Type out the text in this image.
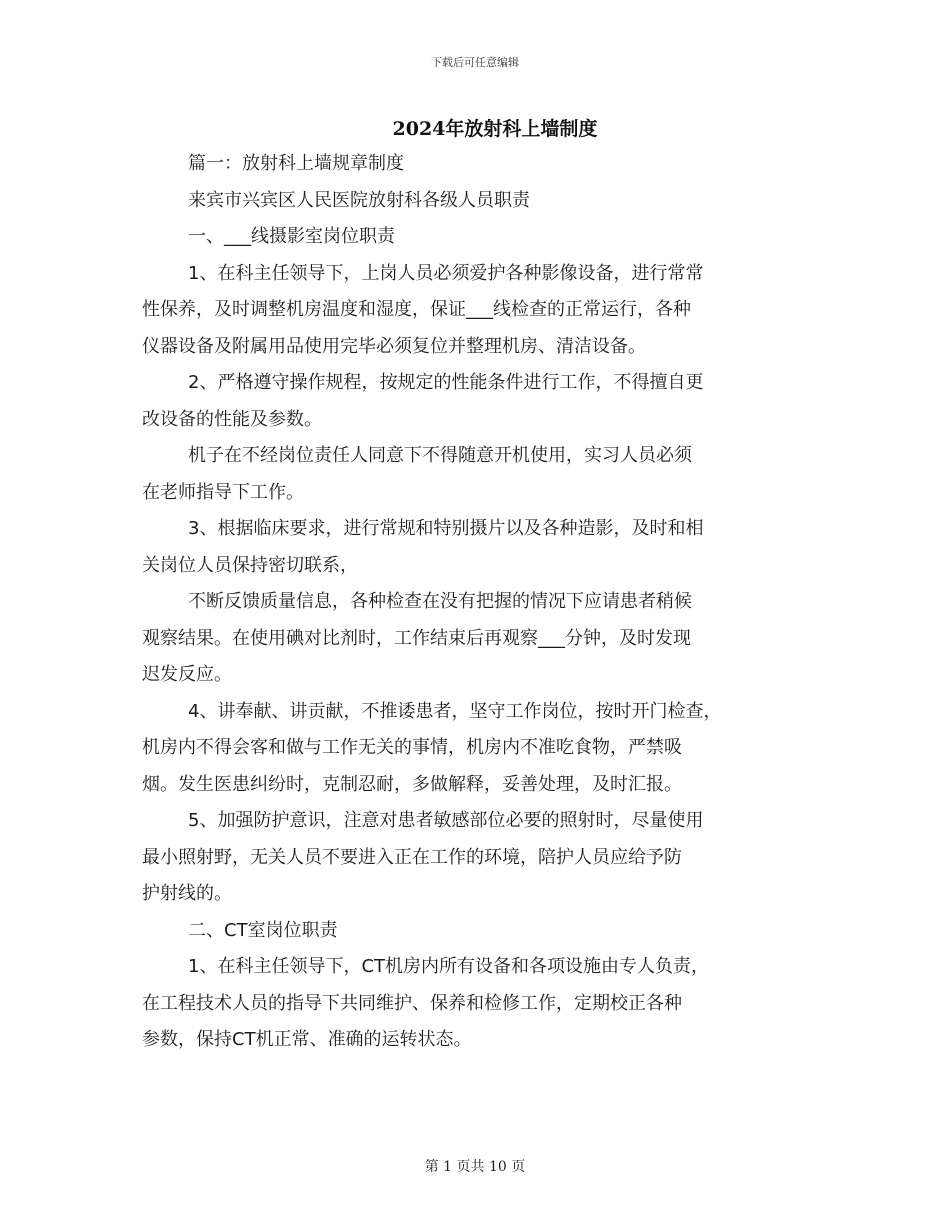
下载后可任意编辑
2024年放射科上墙制度
篇一：放射科上墙规章制度
来宾市兴宾区人民医院放射科各级人员职责
一、___线摄影室岗位职责
1、在科主任领导下，上岗人员必须爱护各种影像设备，进行常常
性保养，及时调整机房温度和湿度，保证___线检查的正常运行，各种
仪器设备及附属用品使用完毕必须复位并整理机房、清洁设备。
2、严格遵守操作规程，按规定的性能条件进行工作，不得擅自更
改设备的性能及参数。
机子在不经岗位责任人同意下不得随意开机使用，实习人员必须
在老师指导下工作。
3、根据临床要求，进行常规和特别摄片以及各种造影，及时和相
关岗位人员保持密切联系，
不断反馈质量信息，各种检查在没有把握的情况下应请患者稍候
观察结果。在使用碘对比剂时，工作结束后再观察___分钟，及时发现
迟发反应。
4、讲奉献、讲贡献，不推诿患者，坚守工作岗位，按时开门检查，
机房内不得会客和做与工作无关的事情，机房内不准吃食物，严禁吸
烟。发生医患纠纷时，克制忍耐，多做解释，妥善处理，及时汇报。
5、加强防护意识，注意对患者敏感部位必要的照射时，尽量使用
最小照射野，无关人员不要进入正在工作的环境，陪护人员应给予防
护射线的。
二、CT室岗位职责
1、在科主任领导下，CT机房内所有设备和各项设施由专人负责，
在工程技术人员的指导下共同维护、保养和检修工作，定期校正各种
参数，保持CT机正常、准确的运转状态。
第 1 页共 10 页
